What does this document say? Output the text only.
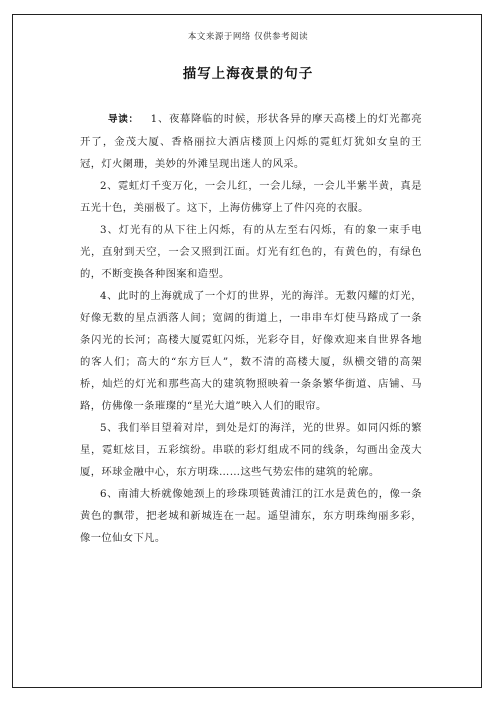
本文来源于网络 仅供参考阅读
描写上海夜景的句子

导读： 1、夜幕降临的时候，形状各异的摩天高楼上的灯光都亮开了，金茂大厦、香格丽拉大酒店楼顶上闪烁的霓虹灯犹如女皇的王冠，灯火阑珊，美妙的外滩呈现出迷人的风采。

2、霓虹灯千变万化，一会儿红，一会儿绿，一会儿半紫半黄，真是五光十色，美丽极了。这下，上海仿佛穿上了件闪亮的衣服。

3、灯光有的从下往上闪烁，有的从左至右闪烁，有的象一束手电光，直射到天空，一会又照到江面。灯光有红色的，有黄色的，有绿色的，不断变换各种图案和造型。

4、此时的上海就成了一个灯的世界，光的海洋。无数闪耀的灯光，好像无数的星点洒落人间；宽阔的街道上，一串串车灯使马路成了一条条闪光的长河；高楼大厦霓虹闪烁，光彩夺目，好像欢迎来自世界各地的客人们；高大的“东方巨人”，数不清的高楼大厦，纵横交错的高架桥，灿烂的灯光和那些高大的建筑物照映着一条条繁华街道、店铺、马路，仿佛像一条璀璨的“星光大道”映入人们的眼帘。

5、我们举目望着对岸，到处是灯的海洋，光的世界。如同闪烁的繁星，霓虹炫目，五彩缤纷。串联的彩灯组成不同的线条，勾画出金茂大厦，环球金融中心，东方明珠……这些气势宏伟的建筑的轮廓。

6、南浦大桥就像她颈上的珍珠项链黄浦江的江水是黄色的，像一条黄色的飘带，把老城和新城连在一起。遥望浦东，东方明珠绚丽多彩，像一位仙女下凡。
